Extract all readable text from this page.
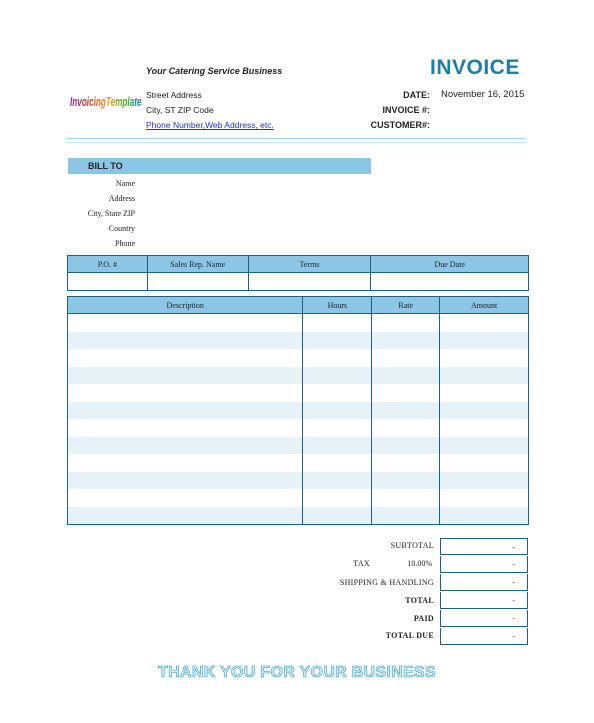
InvoicingTemplates
Your Catering Service Business
Street Address
City, ST ZIP Code
Phone Number,Web Address, etc.
INVOICE
DATE: November 16, 2015
INVOICE #:
CUSTOMER#:
BILL TO
Name
Address
City, State ZIP
Country
Phone
P.O. #	Sales Rep. Name	Terms	Due Date

Description	Hours	Rate	Amount

SUBTOTAL	-
TAX	10.00%	-
SHIPPING & HANDLING	-
TOTAL	-
PAID	-
TOTAL DUE	-
THANK YOU FOR YOUR BUSINESS
